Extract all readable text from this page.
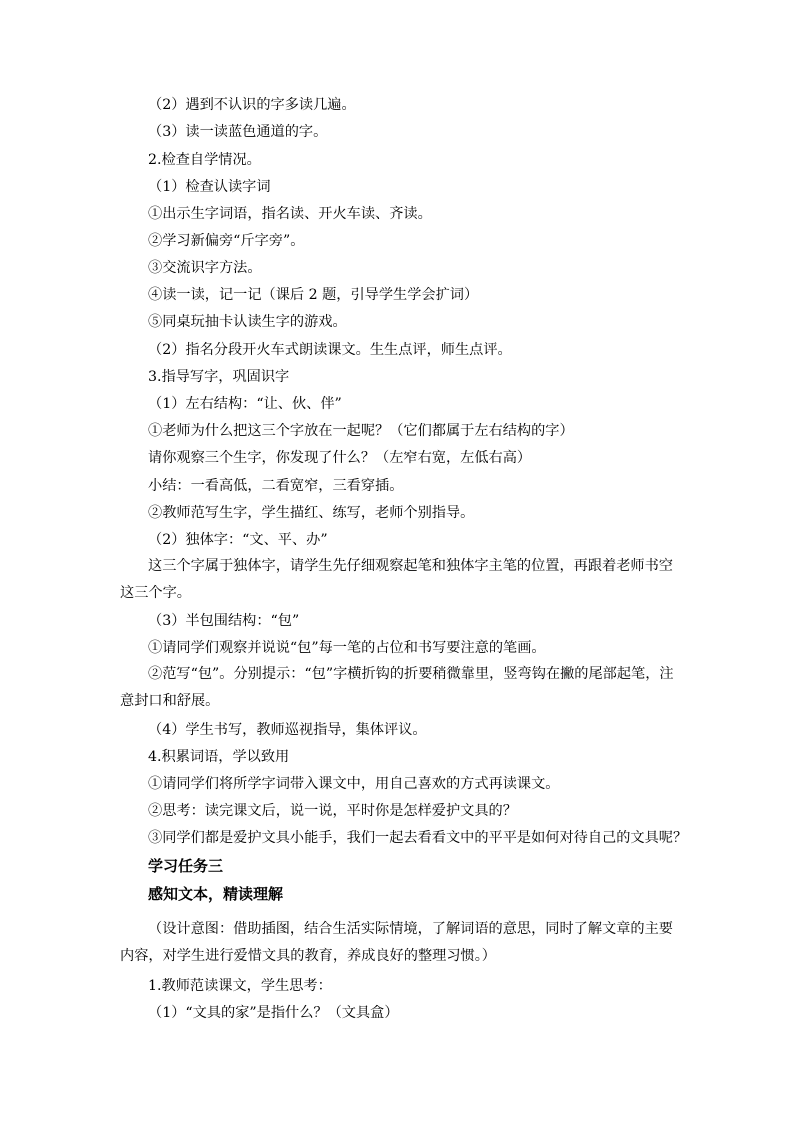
（2）遇到不认识的字多读几遍。
（3）读一读蓝色通道的字。
2.检查自学情况。
（1）检查认读字词
①出示生字词语，指名读、开火车读、齐读。
②学习新偏旁“斤字旁”。
③交流识字方法。
④读一读，记一记（课后 2 题，引导学生学会扩词）
⑤同桌玩抽卡认读生字的游戏。
（2）指名分段开火车式朗读课文。生生点评，师生点评。
3.指导写字，巩固识字
（1）左右结构：“让、伙、伴”
①老师为什么把这三个字放在一起呢？（它们都属于左右结构的字）
请你观察三个生字，你发现了什么？（左窄右宽，左低右高）
小结：一看高低，二看宽窄，三看穿插。
②教师范写生字，学生描红、练写，老师个别指导。
（2）独体字：“文、平、办”
这三个字属于独体字，请学生先仔细观察起笔和独体字主笔的位置，再跟着老师书空这三个字。
（3）半包围结构：“包”
①请同学们观察并说说“包”每一笔的占位和书写要注意的笔画。
②范写“包”。分别提示：“包”字横折钩的折要稍微靠里，竖弯钩在撇的尾部起笔，注意封口和舒展。
（4）学生书写，教师巡视指导，集体评议。
4.积累词语，学以致用
①请同学们将所学字词带入课文中，用自己喜欢的方式再读课文。
②思考：读完课文后，说一说，平时你是怎样爱护文具的？
③同学们都是爱护文具小能手，我们一起去看看文中的平平是如何对待自己的文具呢？
学习任务三
感知文本，精读理解
（设计意图：借助插图，结合生活实际情境，了解词语的意思，同时了解文章的主要内容，对学生进行爱惜文具的教育，养成良好的整理习惯。）
1.教师范读课文，学生思考：
（1）“文具的家”是指什么？（文具盒）
